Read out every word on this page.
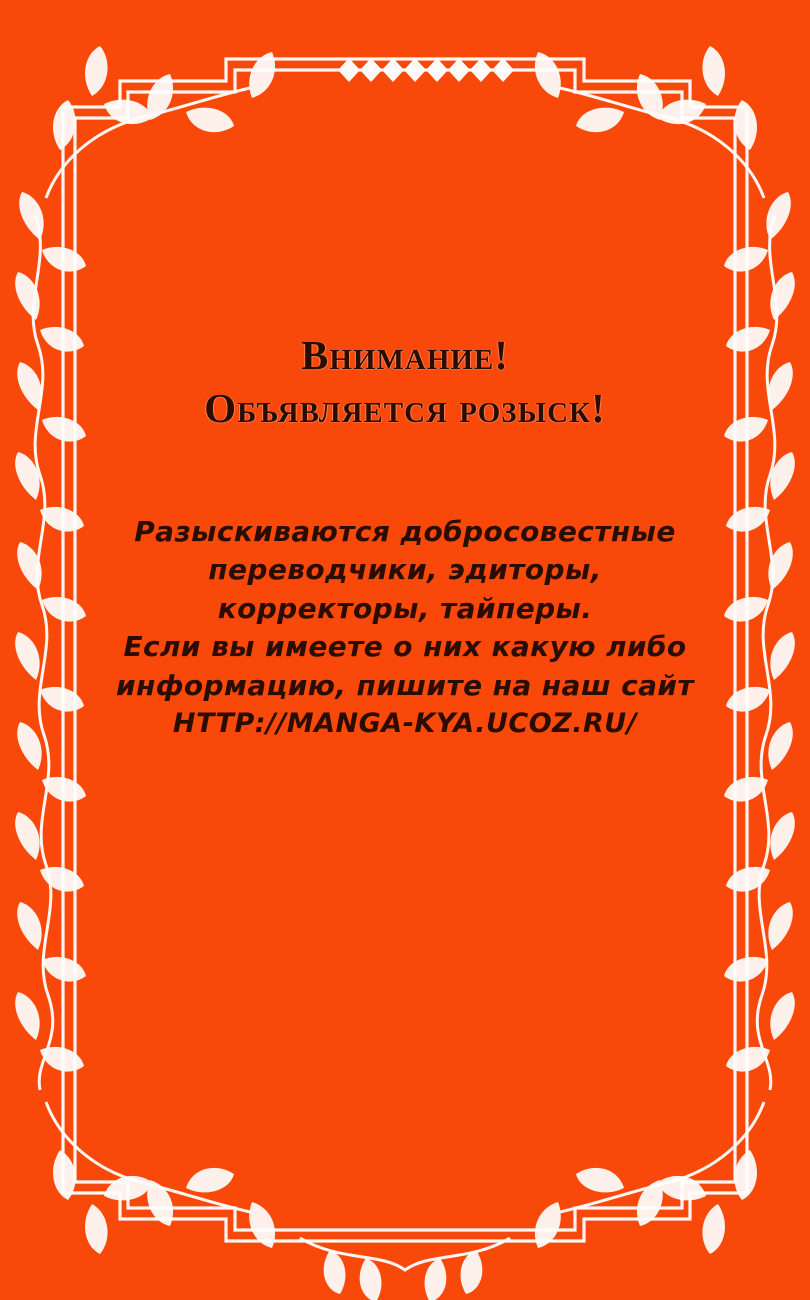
Внимание!
Объявляется розыск!

Разыскиваются добросовестные

переводчики, эдиторы,

корректоры, тайперы.

Если вы имеете о них какую либо

информацию, пишите на наш сайт

HTTP://MANGA-KYA.UCOZ.RU/
